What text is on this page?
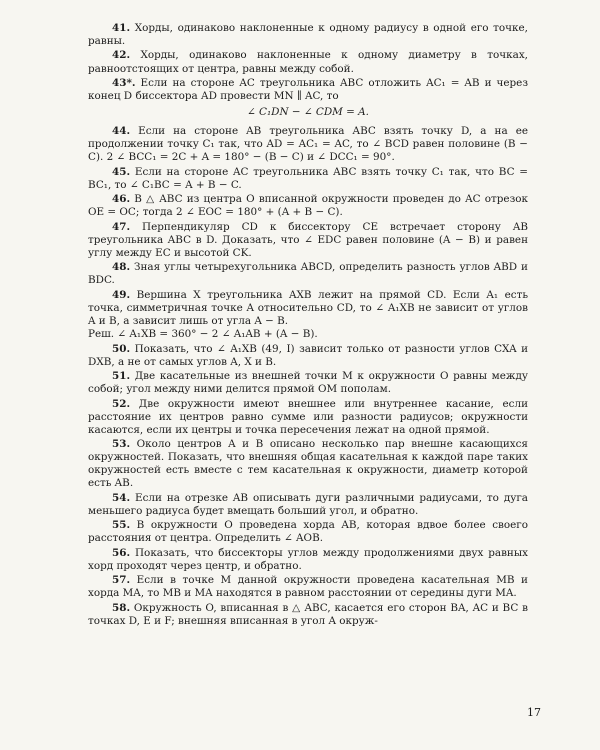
41. Хорды, одинаково наклоненные к одному радиусу в одной его точке, равны.

42. Хорды, одинаково наклоненные к одному диаметру в точках, равноотстоящих от центра, равны между собой.

43*. Если на стороне AC треугольника ABC отложить AC₁ = AB и через конец D биссектора AD провести MN ∥ AC, то

∠ C₁DN − ∠ CDM = A.

44. Если на стороне AB треугольника ABC взять точку D, а на ее продолжении точку C₁ так, что AD = AC₁ = AC, то ∠ BCD равен половине (B − C). 2 ∠ BCC₁ = 2C + A = 180° − (B − C) и ∠ DCC₁ = 90°.

45. Если на стороне AC треугольника ABC взять точку C₁ так, что BC = BC₁, то ∠ C₁BC = A + B − C.

46. В △ ABC из центра O вписанной окружности проведен до AC отрезок OE = OC; тогда 2 ∠ EOC = 180° + (A + B − C).

47. Перпендикуляр CD к биссектору CE встречает сторону AB треугольника ABC в D. Доказать, что ∠ EDC равен половине (A − B) и равен углу между EC и высотой CK.

48. Зная углы четырехугольника ABCD, определить разность углов ABD и BDC.

49. Вершина X треугольника AXB лежит на прямой CD. Если A₁ есть точка, симметричная точке A относительно CD, то ∠ A₁XB не зависит от углов A и B, а зависит лишь от угла A − B.
Реш. ∠ A₁XB = 360° − 2 ∠ A₁AB + (A − B).

50. Показать, что ∠ A₁XB (49, I) зависит только от разности углов CXA и DXB, а не от самых углов A, X и B.

51. Две касательные из внешней точки M к окружности O равны между собой; угол между ними делится прямой OM пополам.

52. Две окружности имеют внешнее или внутреннее касание, если расстояние их центров равно сумме или разности радиусов; окружности касаются, если их центры и точка пересечения лежат на одной прямой.

53. Около центров A и B описано несколько пар внешне касающихся окружностей. Показать, что внешняя общая касательная к каждой паре таких окружностей есть вместе с тем касательная к окружности, диаметр которой есть AB.

54. Если на отрезке AB описывать дуги различными радиусами, то дуга меньшего радиуса будет вмещать больший угол, и обратно.

55. В окружности O проведена хорда AB, которая вдвое более своего расстояния от центра. Определить ∠ AOB.

56. Показать, что биссекторы углов между продолжениями двух равных хорд проходят через центр, и обратно.

57. Если в точке M данной окружности проведена касательная MB и хорда MA, то MB и MA находятся в равном расстоянии от середины дуги MA.

58. Окружность O, вписанная в △ ABC, касается его сторон BA, AC и BC в точках D, E и F; внешняя вписанная в угол A окруж-

17
